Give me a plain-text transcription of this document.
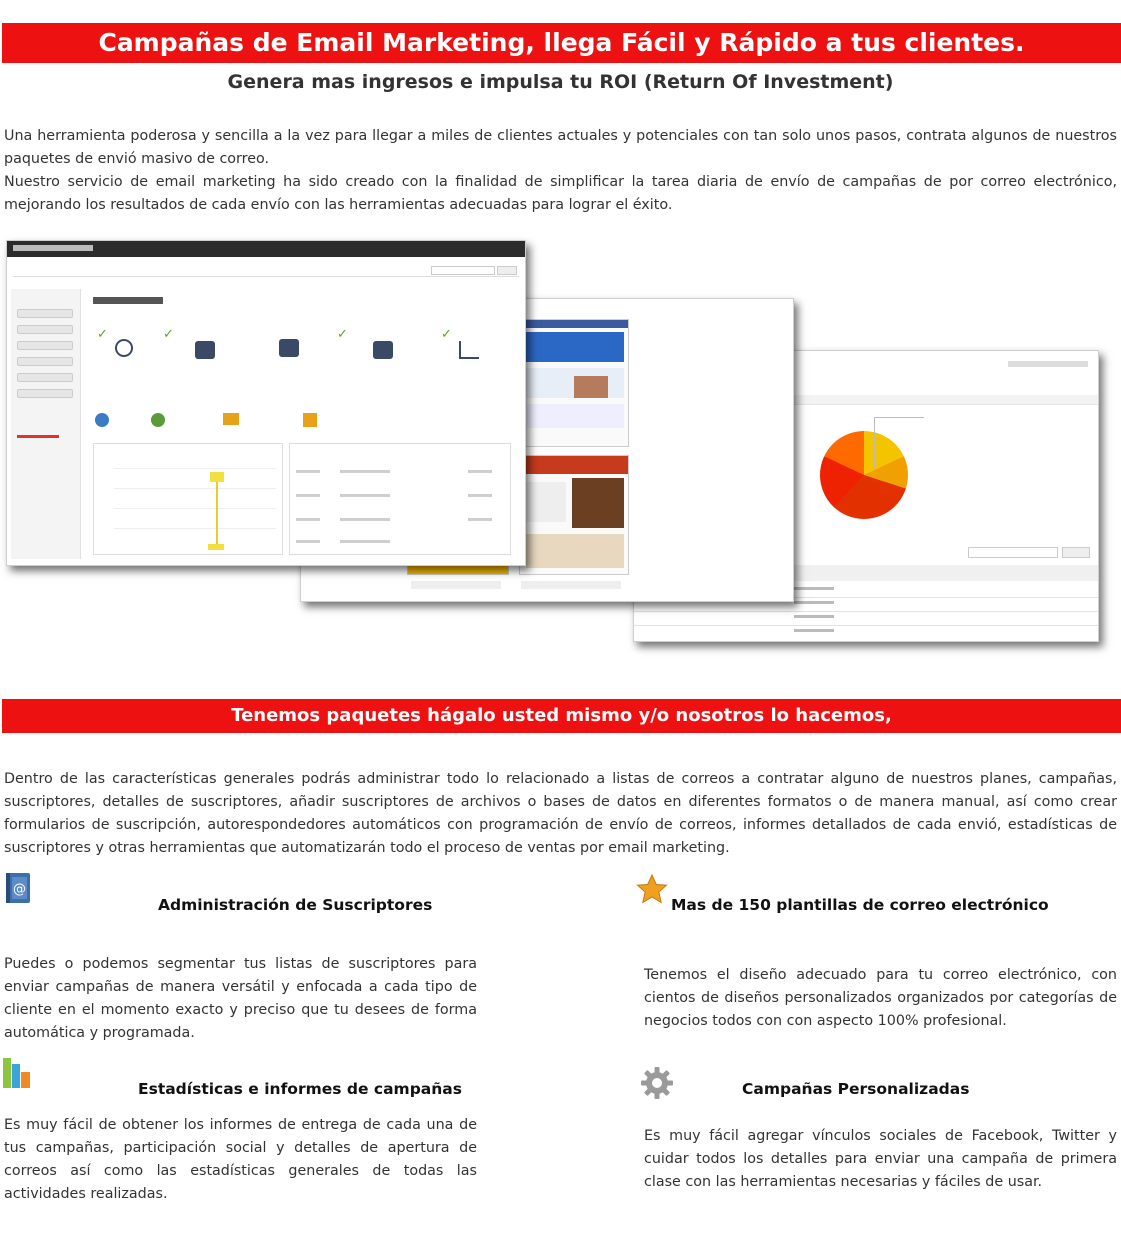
Campañas de Email Marketing, llega Fácil y Rápido a tus clientes.
Genera mas ingresos e impulsa tu ROI (Return Of Investment)
Una herramienta poderosa y sencilla a la vez para llegar a miles de clientes actuales y potenciales con tan solo unos pasos, contrata algunos de nuestros paquetes de envió masivo de correo.
Nuestro servicio de email marketing ha sido creado con la finalidad de simplificar la tarea diaria de envío de campañas de por correo electrónico, mejorando los resultados de cada envío con las herramientas adecuadas para lograr el éxito.
✓	✓	✓	✓
Tenemos paquetes hágalo usted mismo y/o nosotros lo hacemos,
Dentro de las características generales podrás administrar todo lo relacionado a listas de correos a contratar alguno de nuestros planes, campañas, suscriptores, detalles de suscriptores, añadir suscriptores de archivos o bases de datos en diferentes formatos o de manera manual, así como crear formularios de suscripción, autorespondedores automáticos con programación de envío de correos, informes detallados de cada envió, estadísticas de suscriptores y otras herramientas que automatizarán todo el proceso de ventas por email marketing.
@
Administración de Suscriptores
Puedes o podemos segmentar tus listas de suscriptores para enviar campañas de manera versátil y enfocada a cada tipo de cliente en el momento exacto y preciso que tu desees de forma automática y programada.
Mas de 150 plantillas de correo electrónico
Tenemos el diseño adecuado para tu correo electrónico, con cientos de diseños personalizados organizados por categorías de negocios todos con con aspecto 100% profesional.
Estadísticas e informes de campañas
Es muy fácil de obtener los informes de entrega de cada una de tus campañas, participación social y detalles de apertura de correos así como las estadísticas generales de todas las actividades realizadas.
Campañas Personalizadas
Es muy fácil agregar vínculos sociales de Facebook, Twitter y cuidar todos los detalles para enviar una campaña de primera clase con las herramientas necesarias y fáciles de usar.
